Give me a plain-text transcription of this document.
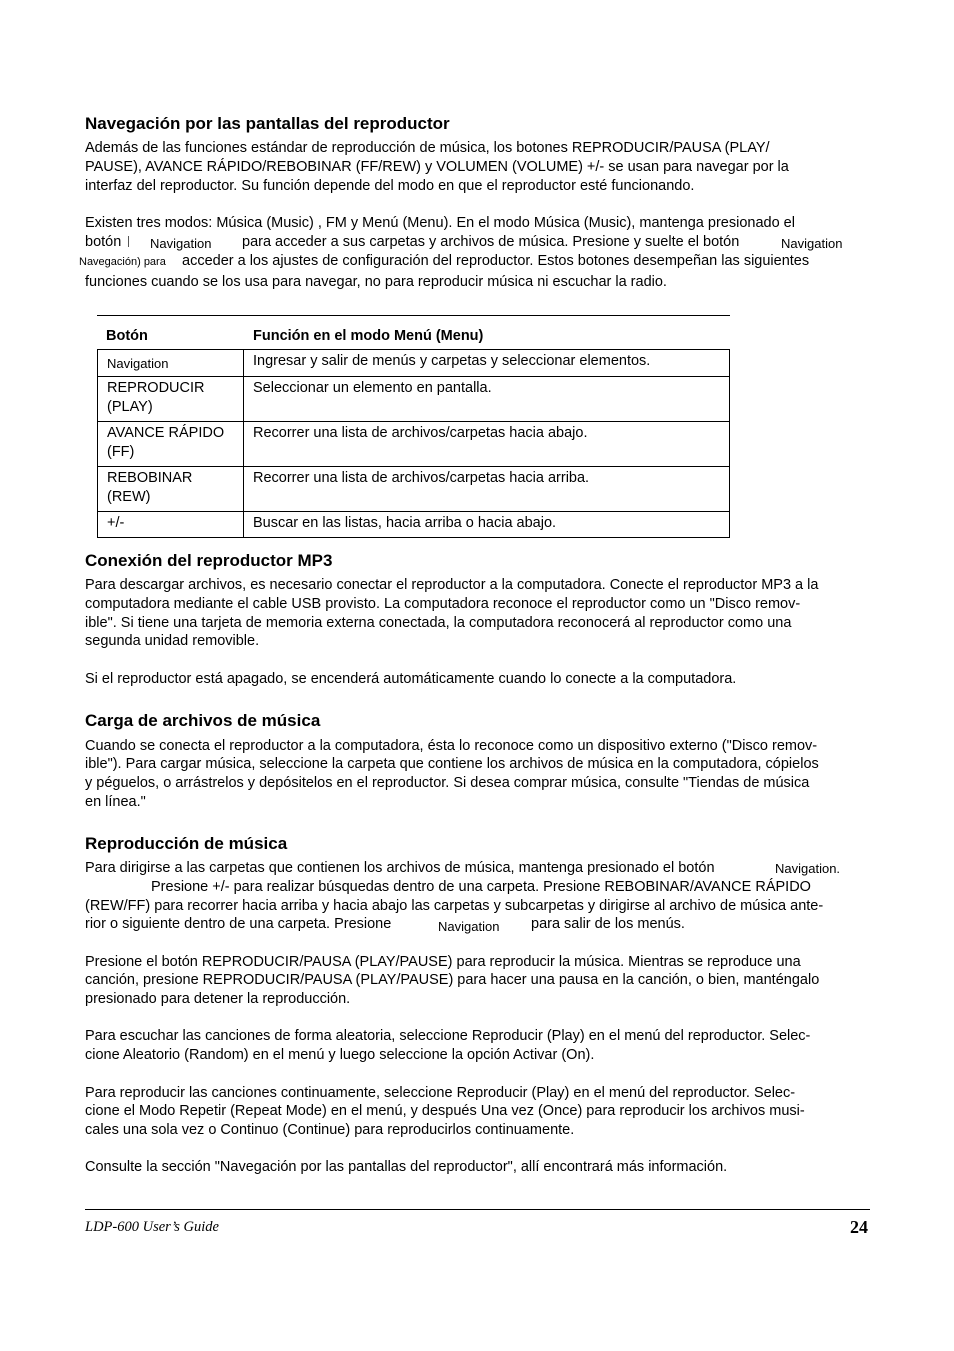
Navegación por las pantallas del reproductor
Además de las funciones estándar de reproducción de música, los botones REPRODUCIR/PAUSA (PLAY/
PAUSE), AVANCE RÁPIDO/REBOBINAR (FF/REW) y VOLUMEN (VOLUME) +/- se usan para navegar por la
interfaz del reproductor. Su función depende del modo en que el reproductor esté funcionando.
Existen tres modos: Música (Music) , FM y Menú (Menu). En el modo Música (Music), mantenga presionado el
botón Navigation para acceder a sus carpetas y archivos de música. Presione y suelte el botón	Navigation
Navegación) para acceder a los ajustes de configuración del reproductor. Estos botones desempeñan las siguientes
funciones cuando se los usa para navegar, no para reproducir música ni escuchar la radio.
Botón	Función en el modo Menú (Menu)
Navigation	Ingresar y salir de menús y carpetas y seleccionar elementos.
REPRODUCIR
(PLAY)	Seleccionar un elemento en pantalla.
AVANCE RÁPIDO
(FF)	Recorrer una lista de archivos/carpetas hacia abajo.
REBOBINAR
(REW)	Recorrer una lista de archivos/carpetas hacia arriba.
+/-	Buscar en las listas, hacia arriba o hacia abajo.
Conexión del reproductor MP3
Para descargar archivos, es necesario conectar el reproductor a la computadora. Conecte el reproductor MP3 a la
computadora mediante el cable USB provisto. La computadora reconoce el reproductor como un "Disco remov-
ible". Si tiene una tarjeta de memoria externa conectada, la computadora reconocerá al reproductor como una
segunda unidad removible.
Si el reproductor está apagado, se encenderá automáticamente cuando lo conecte a la computadora.
Carga de archivos de música
Cuando se conecta el reproductor a la computadora, ésta lo reconoce como un dispositivo externo ("Disco remov-
ible"). Para cargar música, seleccione la carpeta que contiene los archivos de música en la computadora, cópielos
y péguelos, o arrástrelos y depósitelos en el reproductor. Si desea comprar música, consulte "Tiendas de música
en línea."
Reproducción de música
Para dirigirse a las carpetas que contienen los archivos de música, mantenga presionado el botón	Navigation.
Presione +/- para realizar búsquedas dentro de una carpeta. Presione REBOBINAR/AVANCE RÁPIDO
(REW/FF) para recorrer hacia arriba y hacia abajo las carpetas y subcarpetas y dirigirse al archivo de música ante-
rior o siguiente dentro de una carpeta. Presione	Navigation para salir de los menús.
Presione el botón REPRODUCIR/PAUSA (PLAY/PAUSE) para reproducir la música. Mientras se reproduce una
canción, presione REPRODUCIR/PAUSA (PLAY/PAUSE) para hacer una pausa en la canción, o bien, manténgalo
presionado para detener la reproducción.
Para escuchar las canciones de forma aleatoria, seleccione Reproducir (Play) en el menú del reproductor. Selec-
cione Aleatorio (Random) en el menú y luego seleccione la opción Activar (On).
Para reproducir las canciones continuamente, seleccione Reproducir (Play) en el menú del reproductor. Selec-
cione el Modo Repetir (Repeat Mode) en el menú, y después Una vez (Once) para reproducir los archivos musi-
cales una sola vez o Continuo (Continue) para reproducirlos continuamente.
Consulte la sección "Navegación por las pantallas del reproductor", allí encontrará más información.
LDP-600 User’s Guide	24
